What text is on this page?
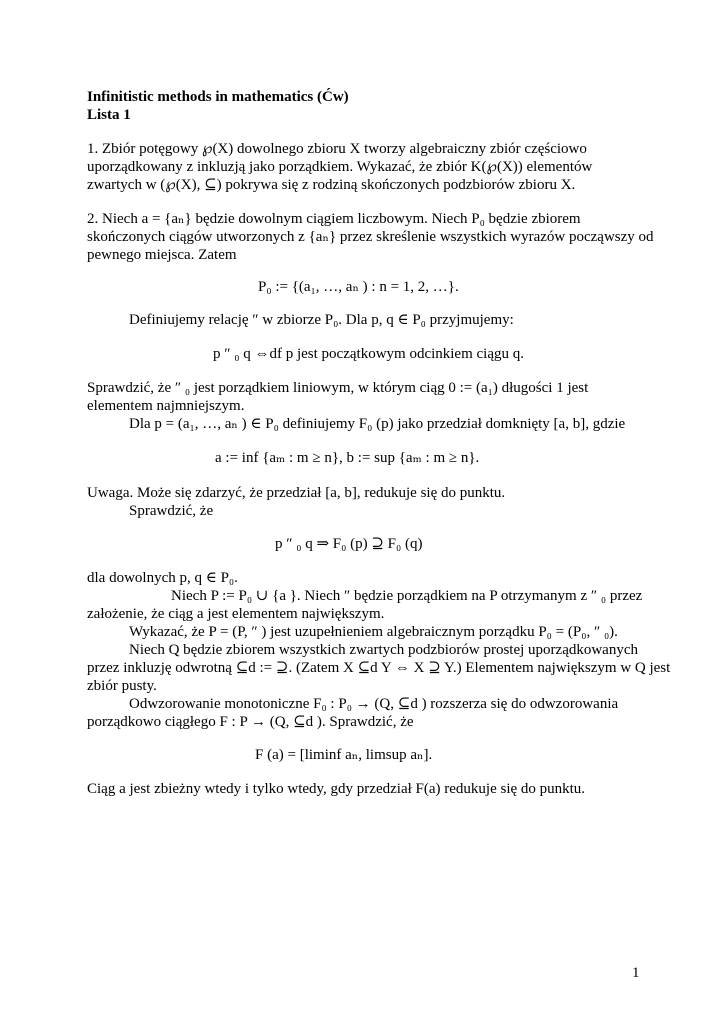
Infinitistic methods in mathematics (Ćw)
Lista 1
1. Zbiór potęgowy ℘(X) dowolnego zbioru X tworzy algebraiczny zbiór częściowo
uporządkowany z inkluzją jako porządkiem. Wykazać, że zbiór K(℘(X)) elementów
zwartych w (℘(X), ⊆) pokrywa się z rodziną skończonych podzbiorów zbioru X.
2. Niech a = {aₙ} będzie dowolnym ciągiem liczbowym. Niech P₀ będzie zbiorem
skończonych ciągów utworzonych z {aₙ} przez skreślenie wszystkich wyrazów począwszy od
pewnego miejsca. Zatem
P₀ := {(a₁, …, aₙ ) : n = 1, 2, …}.
Definiujemy relację ″ w zbiorze P₀. Dla p, q ∈ P₀ przyjmujemy:
p ″ ₀ q ⇔df p jest początkowym odcinkiem ciągu q.
Sprawdzić, że ″ ₀ jest porządkiem liniowym, w którym ciąg 0 := (a₁) długości 1 jest
elementem najmniejszym.
Dla p = (a₁, …, aₙ ) ∈ P₀ definiujemy F₀ (p) jako przedział domknięty [a, b], gdzie
a := inf {aₘ : m ≥ n}, b := sup {aₘ : m ≥ n}.
Uwaga. Może się zdarzyć, że przedział [a, b], redukuje się do punktu.
Sprawdzić, że
p ″ ₀ q ⇒ F₀ (p) ⊇ F₀ (q)
dla dowolnych p, q ∈ P₀.
Niech P := P₀ ∪ {a }. Niech ″ będzie porządkiem na P otrzymanym z ″ ₀ przez
założenie, że ciąg a jest elementem największym.
Wykazać, że P = (P, ″ ) jest uzupełnieniem algebraicznym porządku P₀ = (P₀, ″ ₀).
Niech Q będzie zbiorem wszystkich zwartych podzbiorów prostej uporządkowanych
przez inkluzję odwrotną ⊆d := ⊇. (Zatem X ⊆d Y ⇔ X ⊇ Y.) Elementem największym w Q jest
zbiór pusty.
Odwzorowanie monotoniczne F₀ : P₀ → (Q, ⊆d ) rozszerza się do odwzorowania
porządkowo ciągłego F : P → (Q, ⊆d ). Sprawdzić, że
F (a) = [liminf aₙ, limsup aₙ].
Ciąg a jest zbieżny wtedy i tylko wtedy, gdy przedział F(a) redukuje się do punktu.
1
